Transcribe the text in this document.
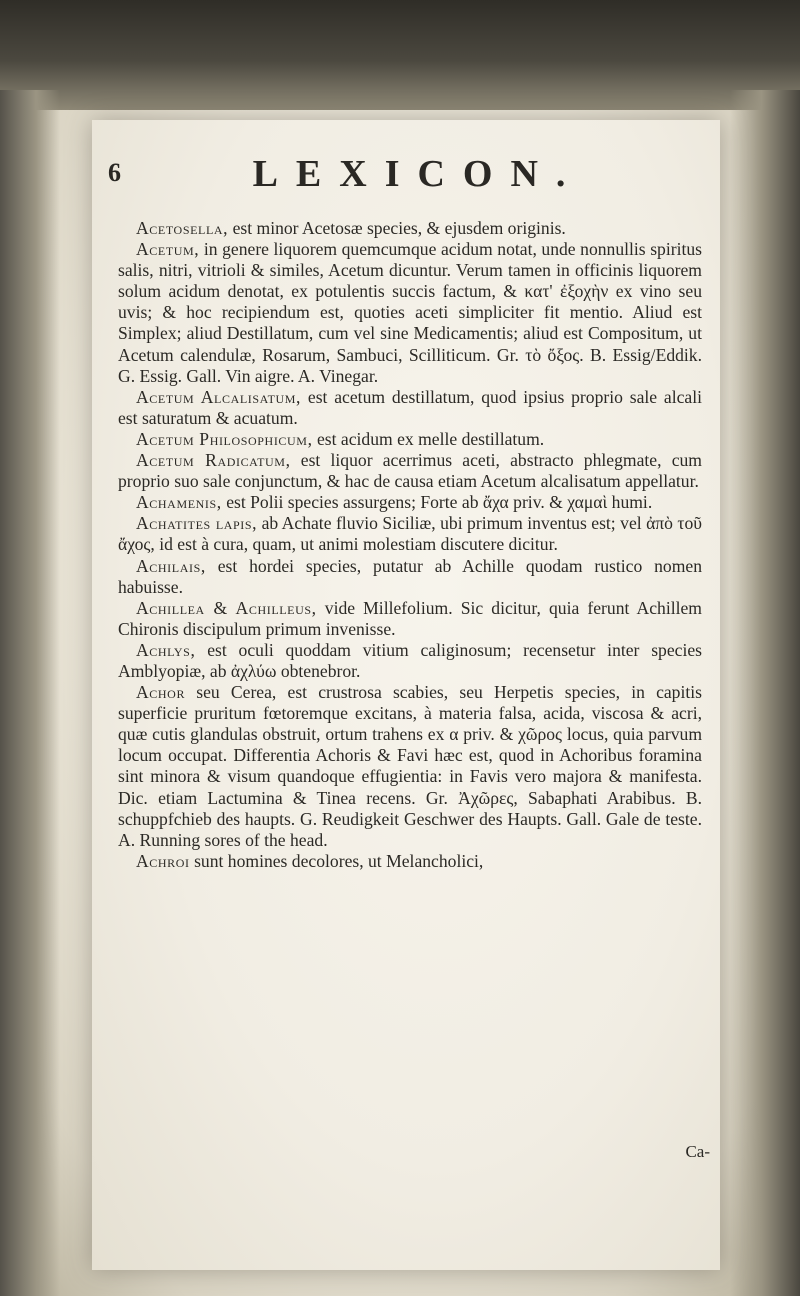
6	LEXICON.

Acetosella, est minor Acetosæ species, & ejusdem originis.

Acetum, in genere liquorem quemcumque acidum notat, unde nonnullis spiritus salis, nitri, vitrioli & similes, Acetum dicuntur. Verum tamen in officinis liquorem solum acidum denotat, ex potulentis succis factum, & κατ' ἐξοχὴν ex vino seu uvis; & hoc recipiendum est, quoties aceti simpliciter fit mentio. Aliud est Simplex; aliud Destillatum, cum vel sine Medicamentis; aliud est Compositum, ut Acetum calendulæ, Rosarum, Sambuci, Scilliticum. Gr. τὸ ὄξος. B. Essig/Eddik. G. Essig. Gall. Vin aigre. A. Vinegar.

Acetum Alcalisatum, est acetum destillatum, quod ipsius proprio sale alcali est saturatum & acuatum.

Acetum Philosophicum, est acidum ex melle destillatum.

Acetum Radicatum, est liquor acerrimus aceti, abstracto phlegmate, cum proprio suo sale conjunctum, & hac de causa etiam Acetum alcalisatum appellatur.

Achamenis, est Polii species assurgens; Forte ab ἄχα priv. & χαμαὶ humi.

Achatites lapis, ab Achate fluvio Siciliæ, ubi primum inventus est; vel ἀπὸ τοῦ ἄχος, id est à cura, quam, ut animi molestiam discutere dicitur.

Achilais, est hordei species, putatur ab Achille quodam rustico nomen habuisse.

Achillea & Achilleus, vide Millefolium. Sic dicitur, quia ferunt Achillem Chironis discipulum primum invenisse.

Achlys, est oculi quoddam vitium caliginosum; recensetur inter species Amblyopiæ, ab ἀχλύω obtenebror.

Achor seu Cerea, est crustrosa scabies, seu Herpetis species, in capitis superficie pruritum fœtoremque excitans, à materia falsa, acida, viscosa & acri, quæ cutis glandulas obstruit, ortum trahens ex α priv. & χῶρος locus, quia parvum locum occupat. Differentia Achoris & Favi hæc est, quod in Achoribus foramina sint minora & visum quandoque effugientia: in Favis vero majora & manifesta. Dic. etiam Lactumina & Tinea recens. Gr. Ἀχῶρες, Sabaphati Arabibus. B. schuppfchieb des haupts. G. Reudigkeit Geschwer des Haupts. Gall. Gale de teste. A. Running sores of the head.

Achroi sunt homines decolores, ut Melancholici,

Ca-
